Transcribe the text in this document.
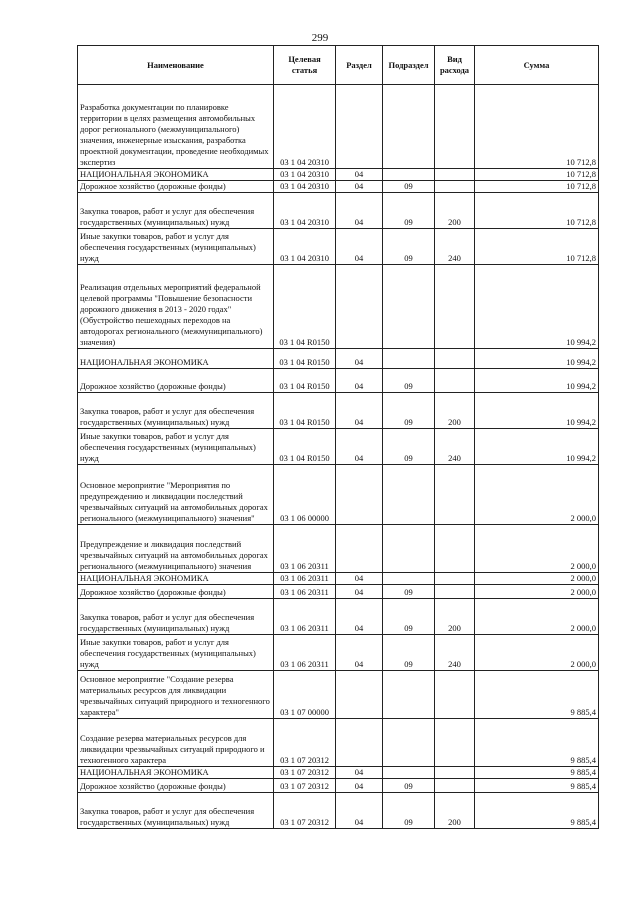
299
Наименование	Целевая статья	Раздел	Подраздел	Вид расхода	Сумма
Разработка документации по планировке территории в целях размещения автомобильных дорог регионального (межмуниципального) значения, инженерные изыскания, разработка проектной документации, проведение необходимых экспертиз	03 1 04 20310				10 712,8
НАЦИОНАЛЬНАЯ ЭКОНОМИКА	03 1 04 20310	04			10 712,8
Дорожное хозяйство (дорожные фонды)	03 1 04 20310	04	09		10 712,8
Закупка товаров, работ и услуг для обеспечения государственных (муниципальных) нужд	03 1 04 20310	04	09	200	10 712,8
Иные закупки товаров, работ и услуг для обеспечения государственных (муниципальных) нужд	03 1 04 20310	04	09	240	10 712,8
Реализация отдельных мероприятий федеральной целевой программы "Повышение безопасности дорожного движения в 2013 - 2020 годах" (Обустройство пешеходных переходов на автодорогах регионального (межмуниципального) значения)	03 1 04 R0150				10 994,2
НАЦИОНАЛЬНАЯ ЭКОНОМИКА	03 1 04 R0150	04			10 994,2
Дорожное хозяйство (дорожные фонды)	03 1 04 R0150	04	09		10 994,2
Закупка товаров, работ и услуг для обеспечения государственных (муниципальных) нужд	03 1 04 R0150	04	09	200	10 994,2
Иные закупки товаров, работ и услуг для обеспечения государственных (муниципальных) нужд	03 1 04 R0150	04	09	240	10 994,2
Основное мероприятие "Мероприятия по предупреждению и ликвидации последствий чрезвычайных ситуаций на автомобильных дорогах регионального (межмуниципального) значения"	03 1 06 00000				2 000,0
Предупреждение и ликвидация последствий чрезвычайных ситуаций на автомобильных дорогах регионального (межмуниципального) значения	03 1 06 20311				2 000,0
НАЦИОНАЛЬНАЯ ЭКОНОМИКА	03 1 06 20311	04			2 000,0
Дорожное хозяйство (дорожные фонды)	03 1 06 20311	04	09		2 000,0
Закупка товаров, работ и услуг для обеспечения государственных (муниципальных) нужд	03 1 06 20311	04	09	200	2 000,0
Иные закупки товаров, работ и услуг для обеспечения государственных (муниципальных) нужд	03 1 06 20311	04	09	240	2 000,0
Основное мероприятие "Создание резерва материальных ресурсов для ликвидации чрезвычайных ситуаций природного и техногенного характера"	03 1 07 00000				9 885,4
Создание резерва материальных ресурсов для ликвидации чрезвычайных ситуаций природного и техногенного характера	03 1 07 20312				9 885,4
НАЦИОНАЛЬНАЯ ЭКОНОМИКА	03 1 07 20312	04			9 885,4
Дорожное хозяйство (дорожные фонды)	03 1 07 20312	04	09		9 885,4
Закупка товаров, работ и услуг для обеспечения государственных (муниципальных) нужд	03 1 07 20312	04	09	200	9 885,4
